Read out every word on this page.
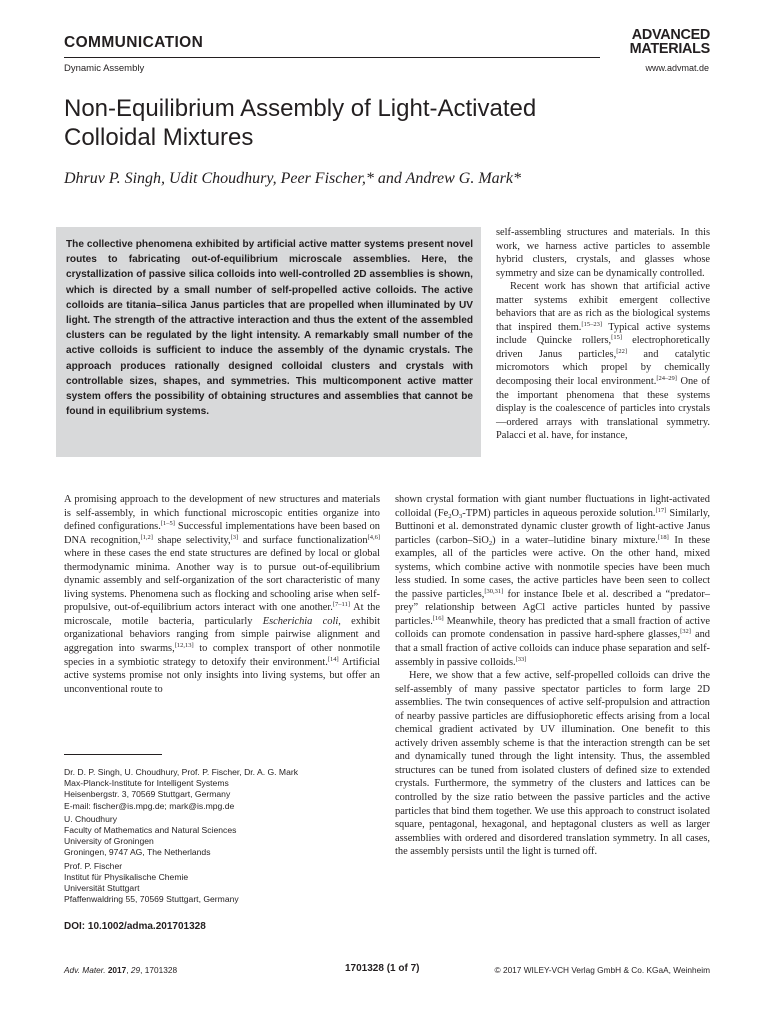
COMMUNICATION
Dynamic Assembly
ADVANCED
MATERIALS
www.advmat.de
Non-Equilibrium Assembly of Light-Activated Colloidal Mixtures
Dhruv P. Singh, Udit Choudhury, Peer Fischer,* and Andrew G. Mark*
The collective phenomena exhibited by artificial active matter systems present novel routes to fabricating out-of-equilibrium microscale assemblies. Here, the crystallization of passive silica colloids into well-controlled 2D assemblies is shown, which is directed by a small number of self-propelled active colloids. The active colloids are titania–silica Janus particles that are propelled when illuminated by UV light. The strength of the attractive interaction and thus the extent of the assembled clusters can be regulated by the light intensity. A remarkably small number of the active colloids is sufficient to induce the assembly of the dynamic crystals. The approach produces rationally designed colloidal clusters and crystals with controllable sizes, shapes, and symmetries. This multicomponent active matter system offers the possibility of obtaining structures and assemblies that cannot be found in equilibrium systems.

self-assembling structures and materials. In this work, we harness active particles to assemble hybrid clusters, crystals, and glasses whose symmetry and size can be dynamically controlled.

Recent work has shown that artificial active matter systems exhibit emergent collective behaviors that are as rich as the biological systems that inspired them.[15–23] Typical active systems include Quincke rollers,[15] electrophoretically driven Janus particles,[22] and catalytic micromotors which propel by chemically decomposing their local environment.[24–29] One of the important phenomena that these systems display is the coalescence of particles into crystals—ordered arrays with translational symmetry. Palacci et al. have, for instance,

A promising approach to the development of new structures and materials is self-assembly, in which functional microscopic entities organize into defined configurations.[1–5] Successful implementations have been based on DNA recognition,[1,2] shape selectivity,[3] and surface functionalization[4,6] where in these cases the end state structures are defined by local or global thermodynamic minima. Another way is to pursue out-of-equilibrium dynamic assembly and self-organization of the sort characteristic of many living systems. Phenomena such as flocking and schooling arise when self-propulsive, out-of-equilibrium actors interact with one another.[7–11] At the microscale, motile bacteria, particularly Escherichia coli, exhibit organizational behaviors ranging from simple pairwise alignment and aggregation into swarms,[12,13] to complex transport of other nonmotile species in a symbiotic strategy to detoxify their environment.[14] Artificial active systems promise not only insights into living systems, but offer an unconventional route to

shown crystal formation with giant number fluctuations in light-activated colloidal $(Fe_2O_3-TPM)$ particles in aqueous peroxide solution.[17] Similarly, Buttinoni et al. demonstrated dynamic cluster growth of light-active Janus particles (carbon–SiO$_2$) in a water–lutidine binary mixture.[18] In these examples, all of the particles were active. On the other hand, mixed systems, which combine active with nonmotile species have been much less studied. In some cases, the active particles have been seen to collect the passive particles,[30,31] for instance Ibele et al. described a “predator–prey” relationship between AgCl active particles hunted by passive particles.[16] Meanwhile, theory has predicted that a small fraction of active colloids can promote condensation in passive hard-sphere glasses,[32] and that a small fraction of active colloids can induce phase separation and self-assembly in passive colloids.[33]

Here, we show that a few active, self-propelled colloids can drive the self-assembly of many passive spectator particles to form large 2D assemblies. The twin consequences of active self-propulsion and attraction of nearby passive particles are diffusiophoretic effects arising from a local chemical gradient activated by UV illumination. One benefit to this actively driven assembly scheme is that the interaction strength can be set and dynamically tuned through the light intensity. Thus, the assembled structures can be tuned from isolated clusters of defined size to extended crystals. Furthermore, the symmetry of the clusters and lattices can be controlled by the size ratio between the passive particles and the active particles that bind them together. We use this approach to construct isolated square, pentagonal, hexagonal, and heptagonal clusters as well as larger assemblies with ordered and disordered translation symmetry. In all cases, the assembly persists until the light is turned off.

Dr. D. P. Singh, U. Choudhury, Prof. P. Fischer, Dr. A. G. Mark
Max-Planck-Institute for Intelligent Systems
Heisenbergstr. 3, 70569 Stuttgart, Germany
E-mail: fischer@is.mpg.de; mark@is.mpg.de
U. Choudhury
Faculty of Mathematics and Natural Sciences
University of Groningen
Groningen, 9747 AG, The Netherlands
Prof. P. Fischer
Institut für Physikalische Chemie
Universität Stuttgart
Pfaffenwaldring 55, 70569 Stuttgart, Germany
DOI: 10.1002/adma.201701328
Adv. Mater. 2017, 29, 1701328	1701328 (1 of 7)	© 2017 WILEY-VCH Verlag GmbH & Co. KGaA, Weinheim
